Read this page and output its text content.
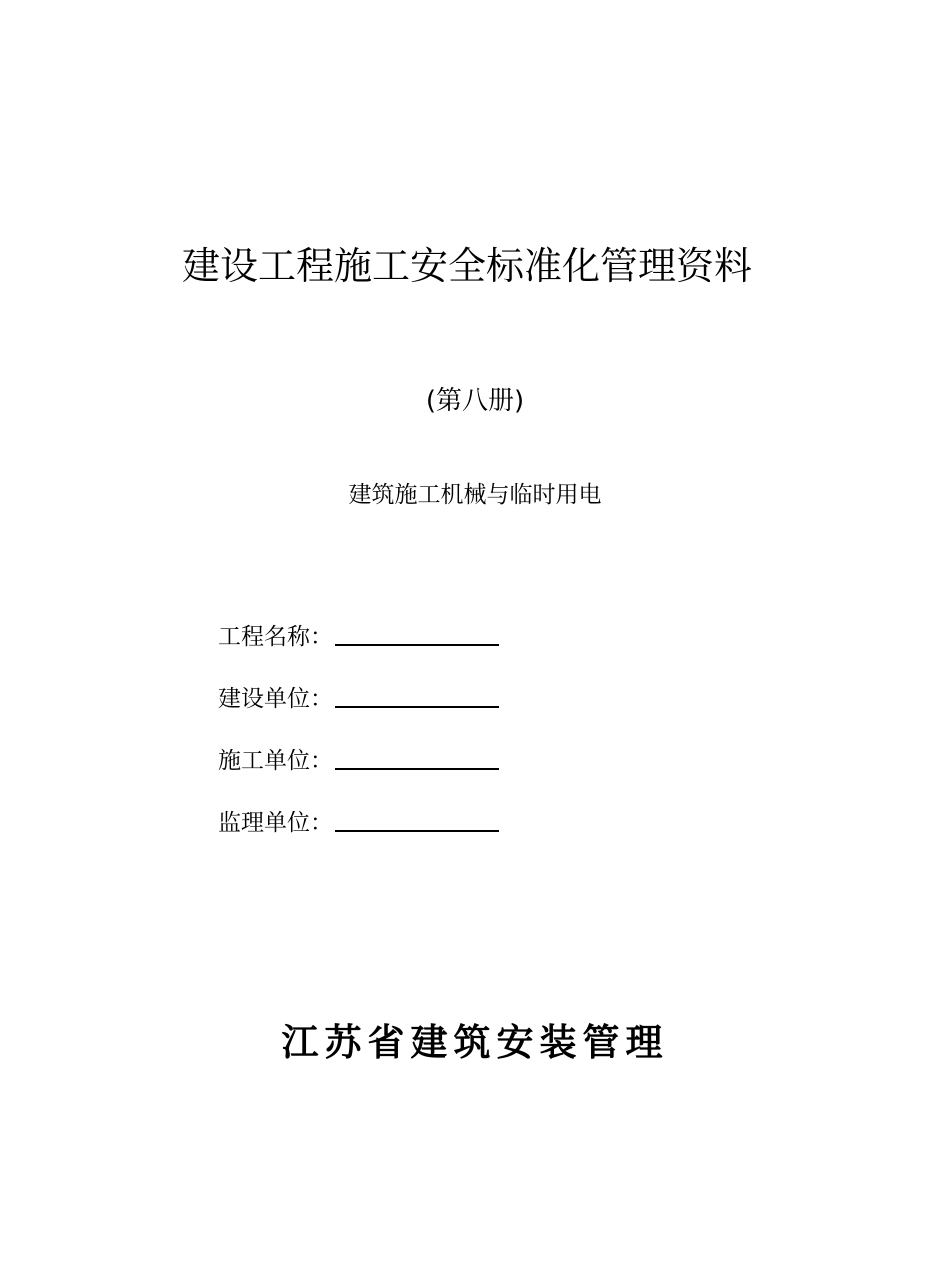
建设工程施工安全标准化管理资料
(第八册)
建筑施工机械与临时用电
工程名称：
建设单位：
施工单位：
监理单位：
江苏省建筑安装管理
